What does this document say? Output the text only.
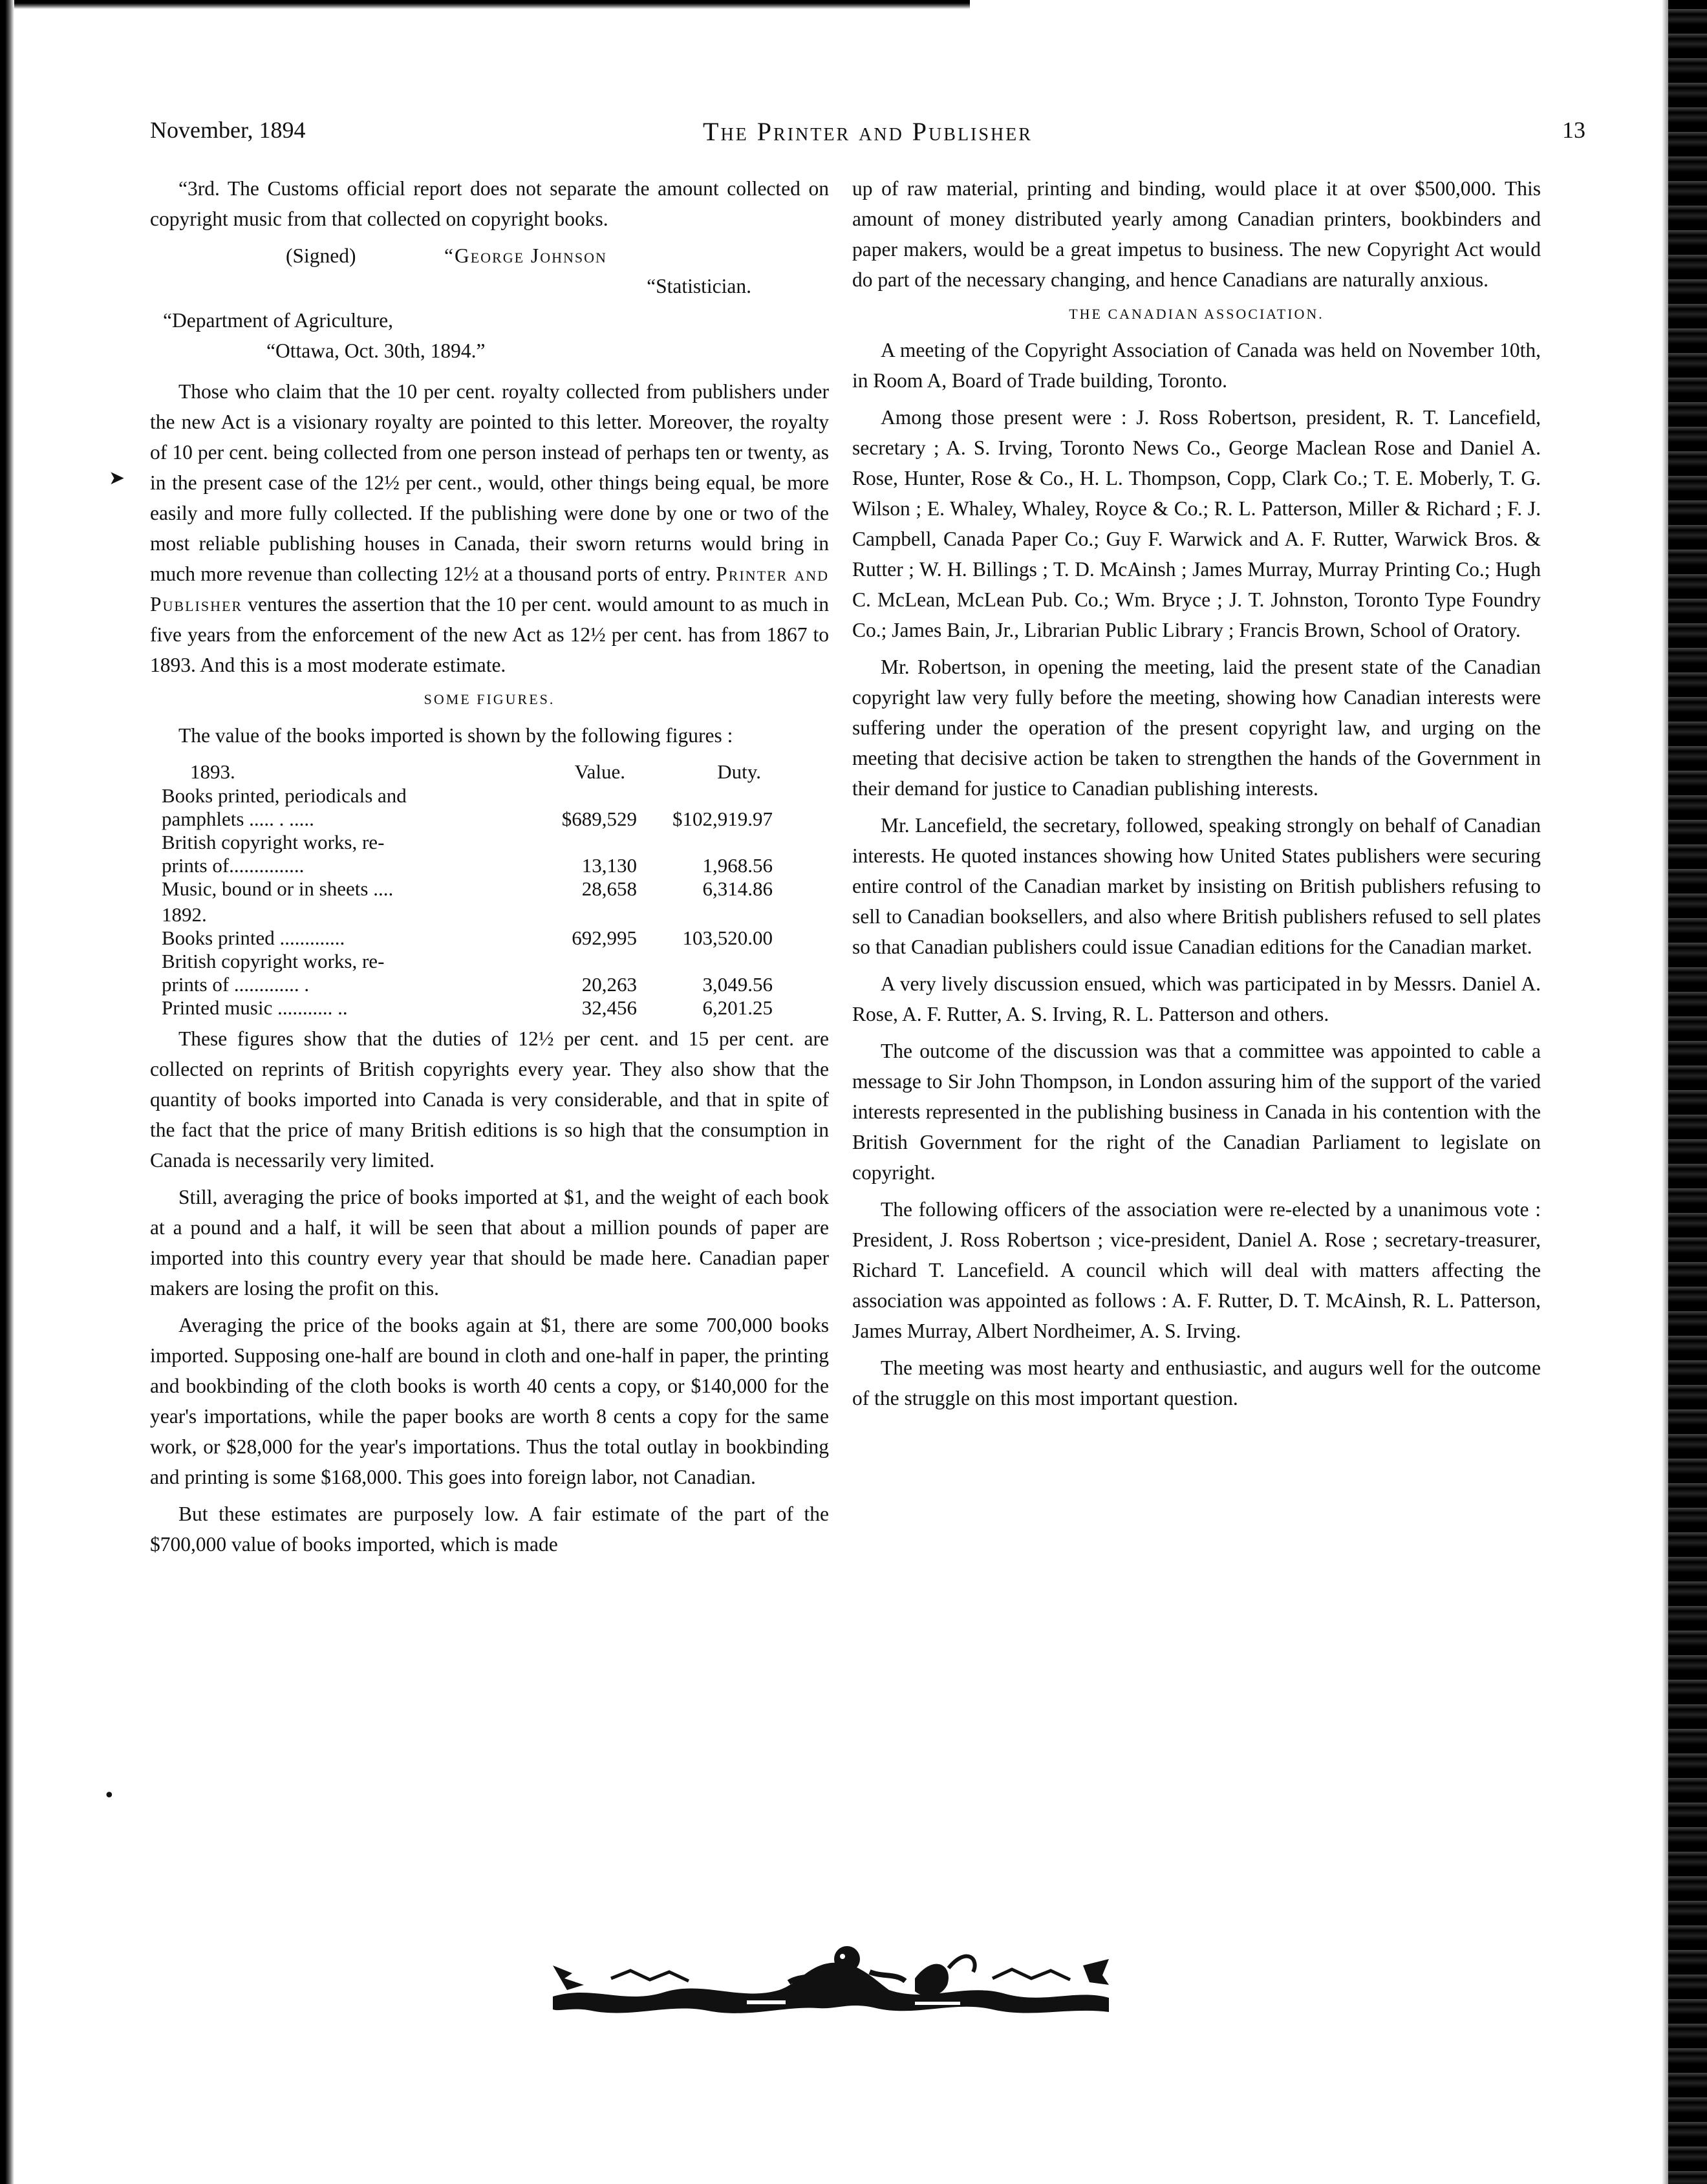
November, 1894	The Printer and Publisher	13
➤
•

“3rd. The Customs official report does not separate the amount collected on copyright music from that collected on copyright books.

(Signed)	“George Johnson
“Statistician.
“Department of Agriculture,
“Ottawa, Oct. 30th, 1894.”

Those who claim that the 10 per cent. royalty collected from publishers under the new Act is a visionary royalty are pointed to this letter. Moreover, the royalty of 10 per cent. being collected from one person instead of perhaps ten or twenty, as in the present case of the 12½ per cent., would, other things being equal, be more easily and more fully collected. If the publishing were done by one or two of the most reliable publishing houses in Canada, their sworn returns would bring in much more revenue than collecting 12½ at a thousand ports of entry. Printer and Publisher ventures the assertion that the 10 per cent. would amount to as much in five years from the enforcement of the new Act as 12½ per cent. has from 1867 to 1893. And this is a most moderate estimate.

SOME FIGURES.

The value of the books imported is shown by the following figures :

1893.	Value.	Duty.
Books printed, periodicals and		
pamphlets ..... . .....	$689,529	$102,919.97
British copyright works, re-		
prints of...............	13,130	1,968.56
Music, bound or in sheets ....	28,658	6,314.86
1892.		
Books printed .............	692,995	103,520.00
British copyright works, re-		
prints of ............. .	20,263	3,049.56
Printed music ........... ..	32,456	6,201.25

These figures show that the duties of 12½ per cent. and 15 per cent. are collected on reprints of British copyrights every year. They also show that the quantity of books imported into Canada is very considerable, and that in spite of the fact that the price of many British editions is so high that the consumption in Canada is necessarily very limited.

Still, averaging the price of books imported at $1, and the weight of each book at a pound and a half, it will be seen that about a million pounds of paper are imported into this country every year that should be made here. Canadian paper makers are losing the profit on this.

Averaging the price of the books again at $1, there are some 700,000 books imported. Supposing one-half are bound in cloth and one-half in paper, the printing and bookbinding of the cloth books is worth 40 cents a copy, or $140,000 for the year's importations, while the paper books are worth 8 cents a copy for the same work, or $28,000 for the year's importations. Thus the total outlay in bookbinding and printing is some $168,000. This goes into foreign labor, not Canadian.

But these estimates are purposely low. A fair estimate of the part of the $700,000 value of books imported, which is made

up of raw material, printing and binding, would place it at over $500,000. This amount of money distributed yearly among Canadian printers, bookbinders and paper makers, would be a great impetus to business. The new Copyright Act would do part of the necessary changing, and hence Canadians are naturally anxious.

THE CANADIAN ASSOCIATION.

A meeting of the Copyright Association of Canada was held on November 10th, in Room A, Board of Trade building, Toronto.

Among those present were : J. Ross Robertson, president, R. T. Lancefield, secretary ; A. S. Irving, Toronto News Co., George Maclean Rose and Daniel A. Rose, Hunter, Rose & Co., H. L. Thompson, Copp, Clark Co.; T. E. Moberly, T. G. Wilson ; E. Whaley, Whaley, Royce & Co.; R. L. Patterson, Miller & Richard ; F. J. Campbell, Canada Paper Co.; Guy F. Warwick and A. F. Rutter, Warwick Bros. & Rutter ; W. H. Billings ; T. D. McAinsh ; James Murray, Murray Printing Co.; Hugh C. McLean, McLean Pub. Co.; Wm. Bryce ; J. T. Johnston, Toronto Type Foundry Co.; James Bain, Jr., Librarian Public Library ; Francis Brown, School of Oratory.

Mr. Robertson, in opening the meeting, laid the present state of the Canadian copyright law very fully before the meeting, showing how Canadian interests were suffering under the operation of the present copyright law, and urging on the meeting that decisive action be taken to strengthen the hands of the Government in their demand for justice to Canadian publishing interests.

Mr. Lancefield, the secretary, followed, speaking strongly on behalf of Canadian interests. He quoted instances showing how United States publishers were securing entire control of the Canadian market by insisting on British publishers refusing to sell to Canadian booksellers, and also where British publishers refused to sell plates so that Canadian publishers could issue Canadian editions for the Canadian market.

A very lively discussion ensued, which was participated in by Messrs. Daniel A. Rose, A. F. Rutter, A. S. Irving, R. L. Patterson and others.

The outcome of the discussion was that a committee was appointed to cable a message to Sir John Thompson, in London assuring him of the support of the varied interests represented in the publishing business in Canada in his contention with the British Government for the right of the Canadian Parliament to legislate on copyright.

The following officers of the association were re-elected by a unanimous vote : President, J. Ross Robertson ; vice-president, Daniel A. Rose ; secretary-treasurer, Richard T. Lancefield. A council which will deal with matters affecting the association was appointed as follows : A. F. Rutter, D. T. McAinsh, R. L. Patterson, James Murray, Albert Nordheimer, A. S. Irving.

The meeting was most hearty and enthusiastic, and augurs well for the outcome of the struggle on this most important question.
